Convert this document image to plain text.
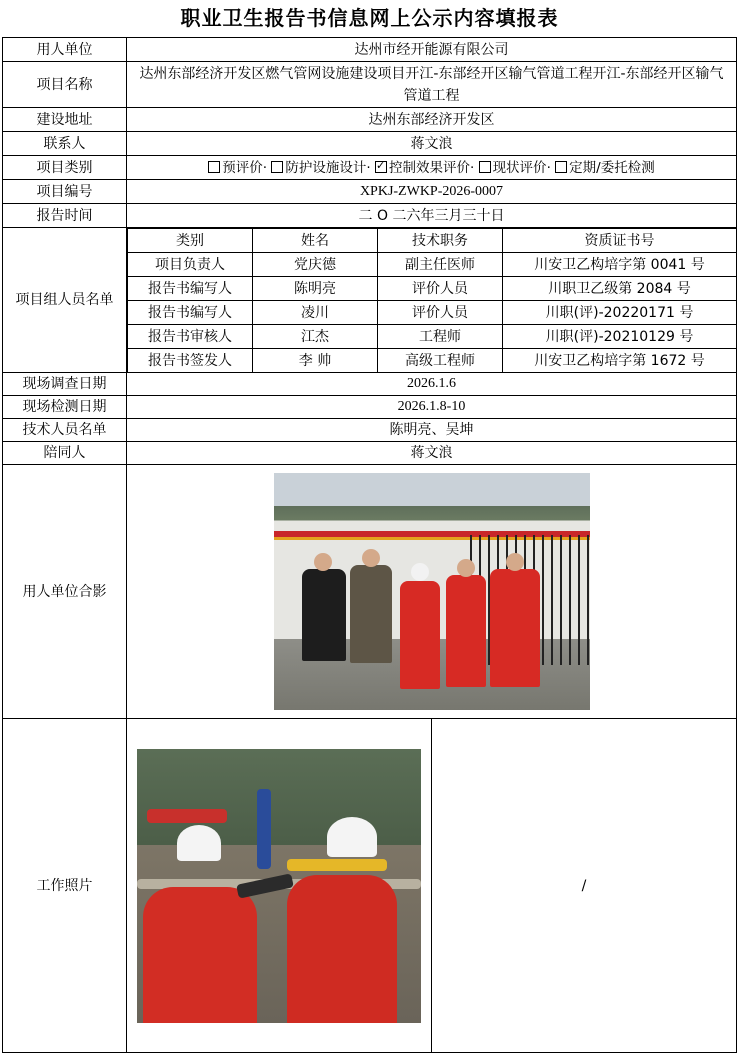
职业卫生报告书信息网上公示内容填报表
用人单位	达州市经开能源有限公司
项目名称	达州东部经济开发区燃气管网设施建设项目开江-东部经开区输气管道工程开江-东部经开区输气管道工程
建设地址	达州东部经济开发区
联系人	蒋文浪
项目类别	预评价· 防护设施设计· ✓控制效果评价· 现状评价· 定期/委托检测
项目编号	XPKJ-ZWKP-2026-0007
报告时间	二 O 二六年三月三十日
项目组人员名单	
类别	姓名	技术职务	资质证书号
项目负责人	党庆德	副主任医师	川安卫乙构培字第 0041 号
报告书编写人	陈明亮	评价人员	川职卫乙级第 2084 号
报告书编写人	凌川	评价人员	川职(评)-20220171 号
报告书审核人	江杰	工程师	川职(评)-20210129 号
报告书签发人	李 帅	高级工程师	川安卫乙构培字第 1672 号

现场调查日期	2026.1.6
现场检测日期	2026.1.8-10
技术人员名单	陈明亮、吴坤
陪同人	蒋文浪
用人单位合影	

工作照片		/
